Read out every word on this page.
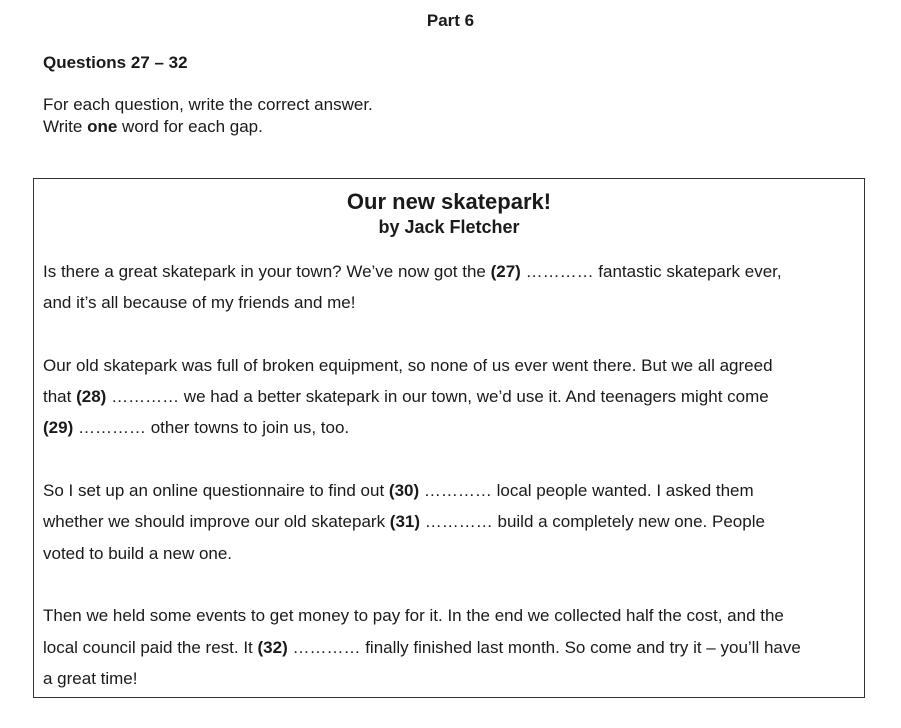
Part 6
Questions 27 – 32
For each question, write the correct answer.
Write one word for each gap.
Our new skatepark!
by Jack Fletcher

Is there a great skatepark in your town? We’ve now got the (27) ………… fantastic skatepark ever,
and it’s all because of my friends and me!

Our old skatepark was full of broken equipment, so none of us ever went there. But we all agreed
that (28) ………… we had a better skatepark in our town, we’d use it. And teenagers might come
(29) ………… other towns to join us, too.

So I set up an online questionnaire to find out (30) ………… local people wanted. I asked them
whether we should improve our old skatepark (31) ………… build a completely new one. People
voted to build a new one.

Then we held some events to get money to pay for it. In the end we collected half the cost, and the
local council paid the rest. It (32) ………… finally finished last month. So come and try it – you’ll have
a great time!
